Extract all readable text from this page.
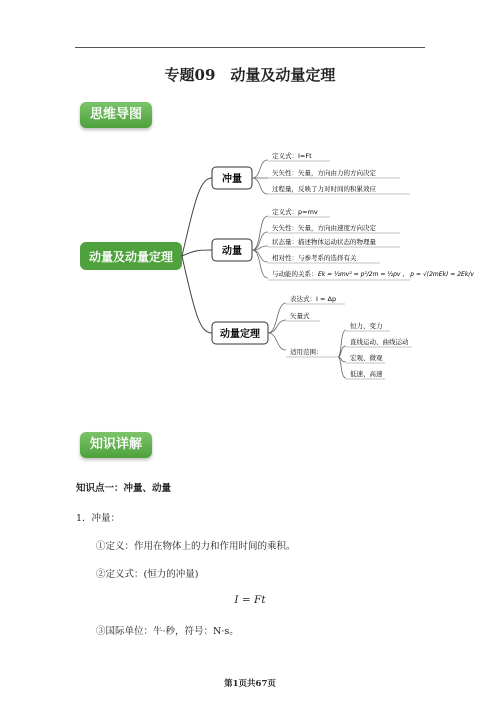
专题09　动量及动量定理
思维导图
动量及动量定理
冲量
定义式：I=Ft
矢矢性：矢量，方向由力的方向决定
过程量，反映了力对时间的积累效应
动量
定义式：p=mv
矢矢性：矢量，方向由速度方向决定
状态量：描述物体运动状态的物理量
相对性：与参考系的选择有关
与动能的关系： Ek = ½mv² = p²/2m = ½pv ， p = √(2mEk) = 2Ek/v
动量定理
表达式：I = Δp
矢量式
适用范围：
恒力、变力
直线运动、曲线运动
宏观、微观
低速、高速
知识详解
知识点一：冲量、动量
1．冲量：
①定义：作用在物体上的力和作用时间的乘积。
②定义式：(恒力的冲量)
I = Ft
③国际单位：牛·秒，符号：N·s。
第1页共67页
